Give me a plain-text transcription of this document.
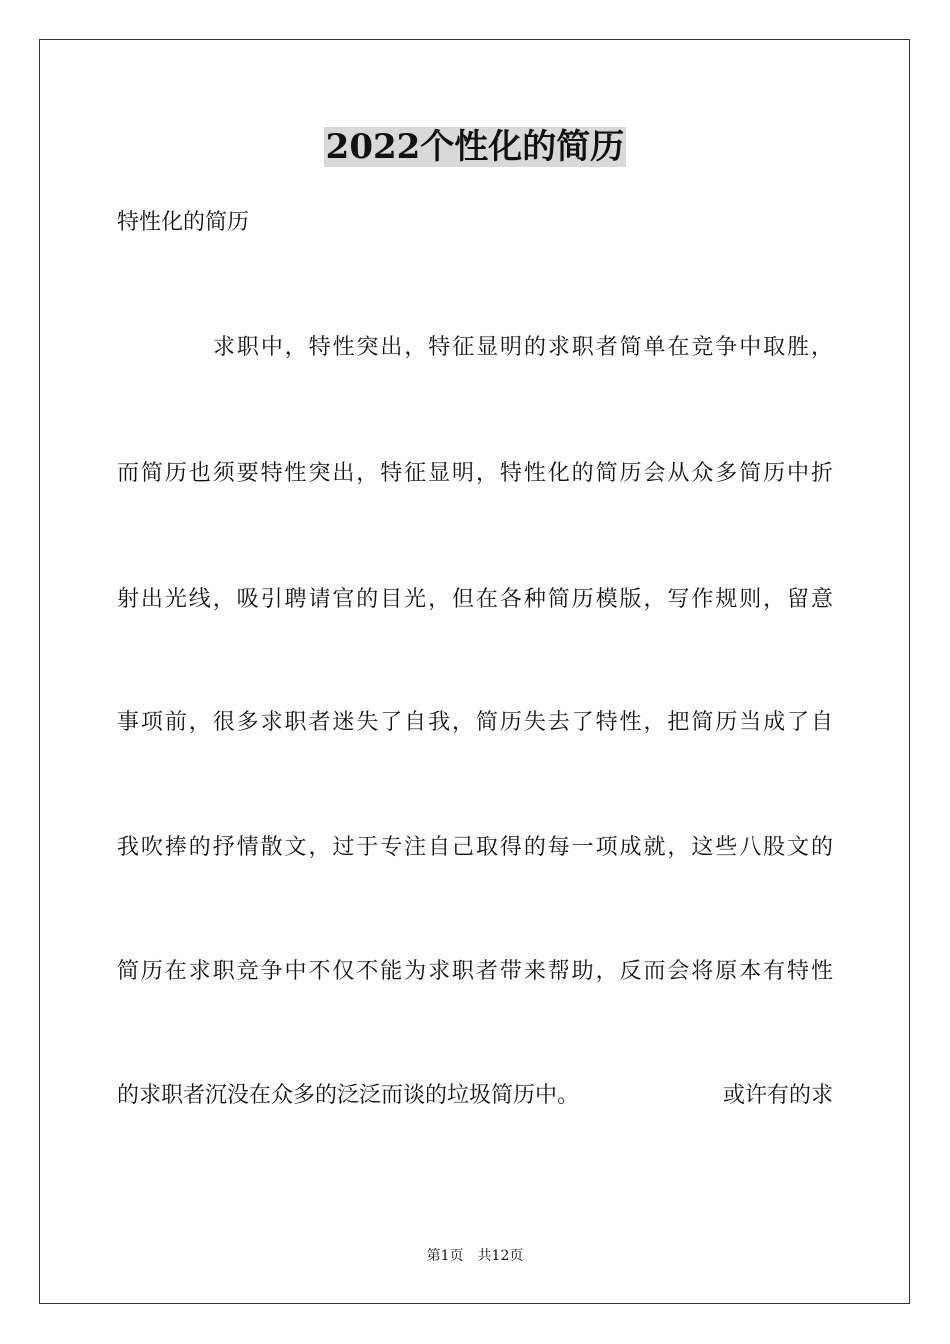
2022个性化的简历

特性化的简历

求职中，特性突出，特征显明的求职者简单在竞争中取胜，

而简历也须要特性突出，特征显明，特性化的简历会从众多简历中折

射出光线，吸引聘请官的目光，但在各种简历模版，写作规则，留意

事项前，很多求职者迷失了自我，简历失去了特性，把简历当成了自

我吹捧的抒情散文，过于专注自己取得的每一项成就，这些八股文的

简历在求职竞争中不仅不能为求职者带来帮助，反而会将原本有特性

的求职者沉没在众多的泛泛而谈的垃圾简历中。	或许有的求

第1页 共12页
